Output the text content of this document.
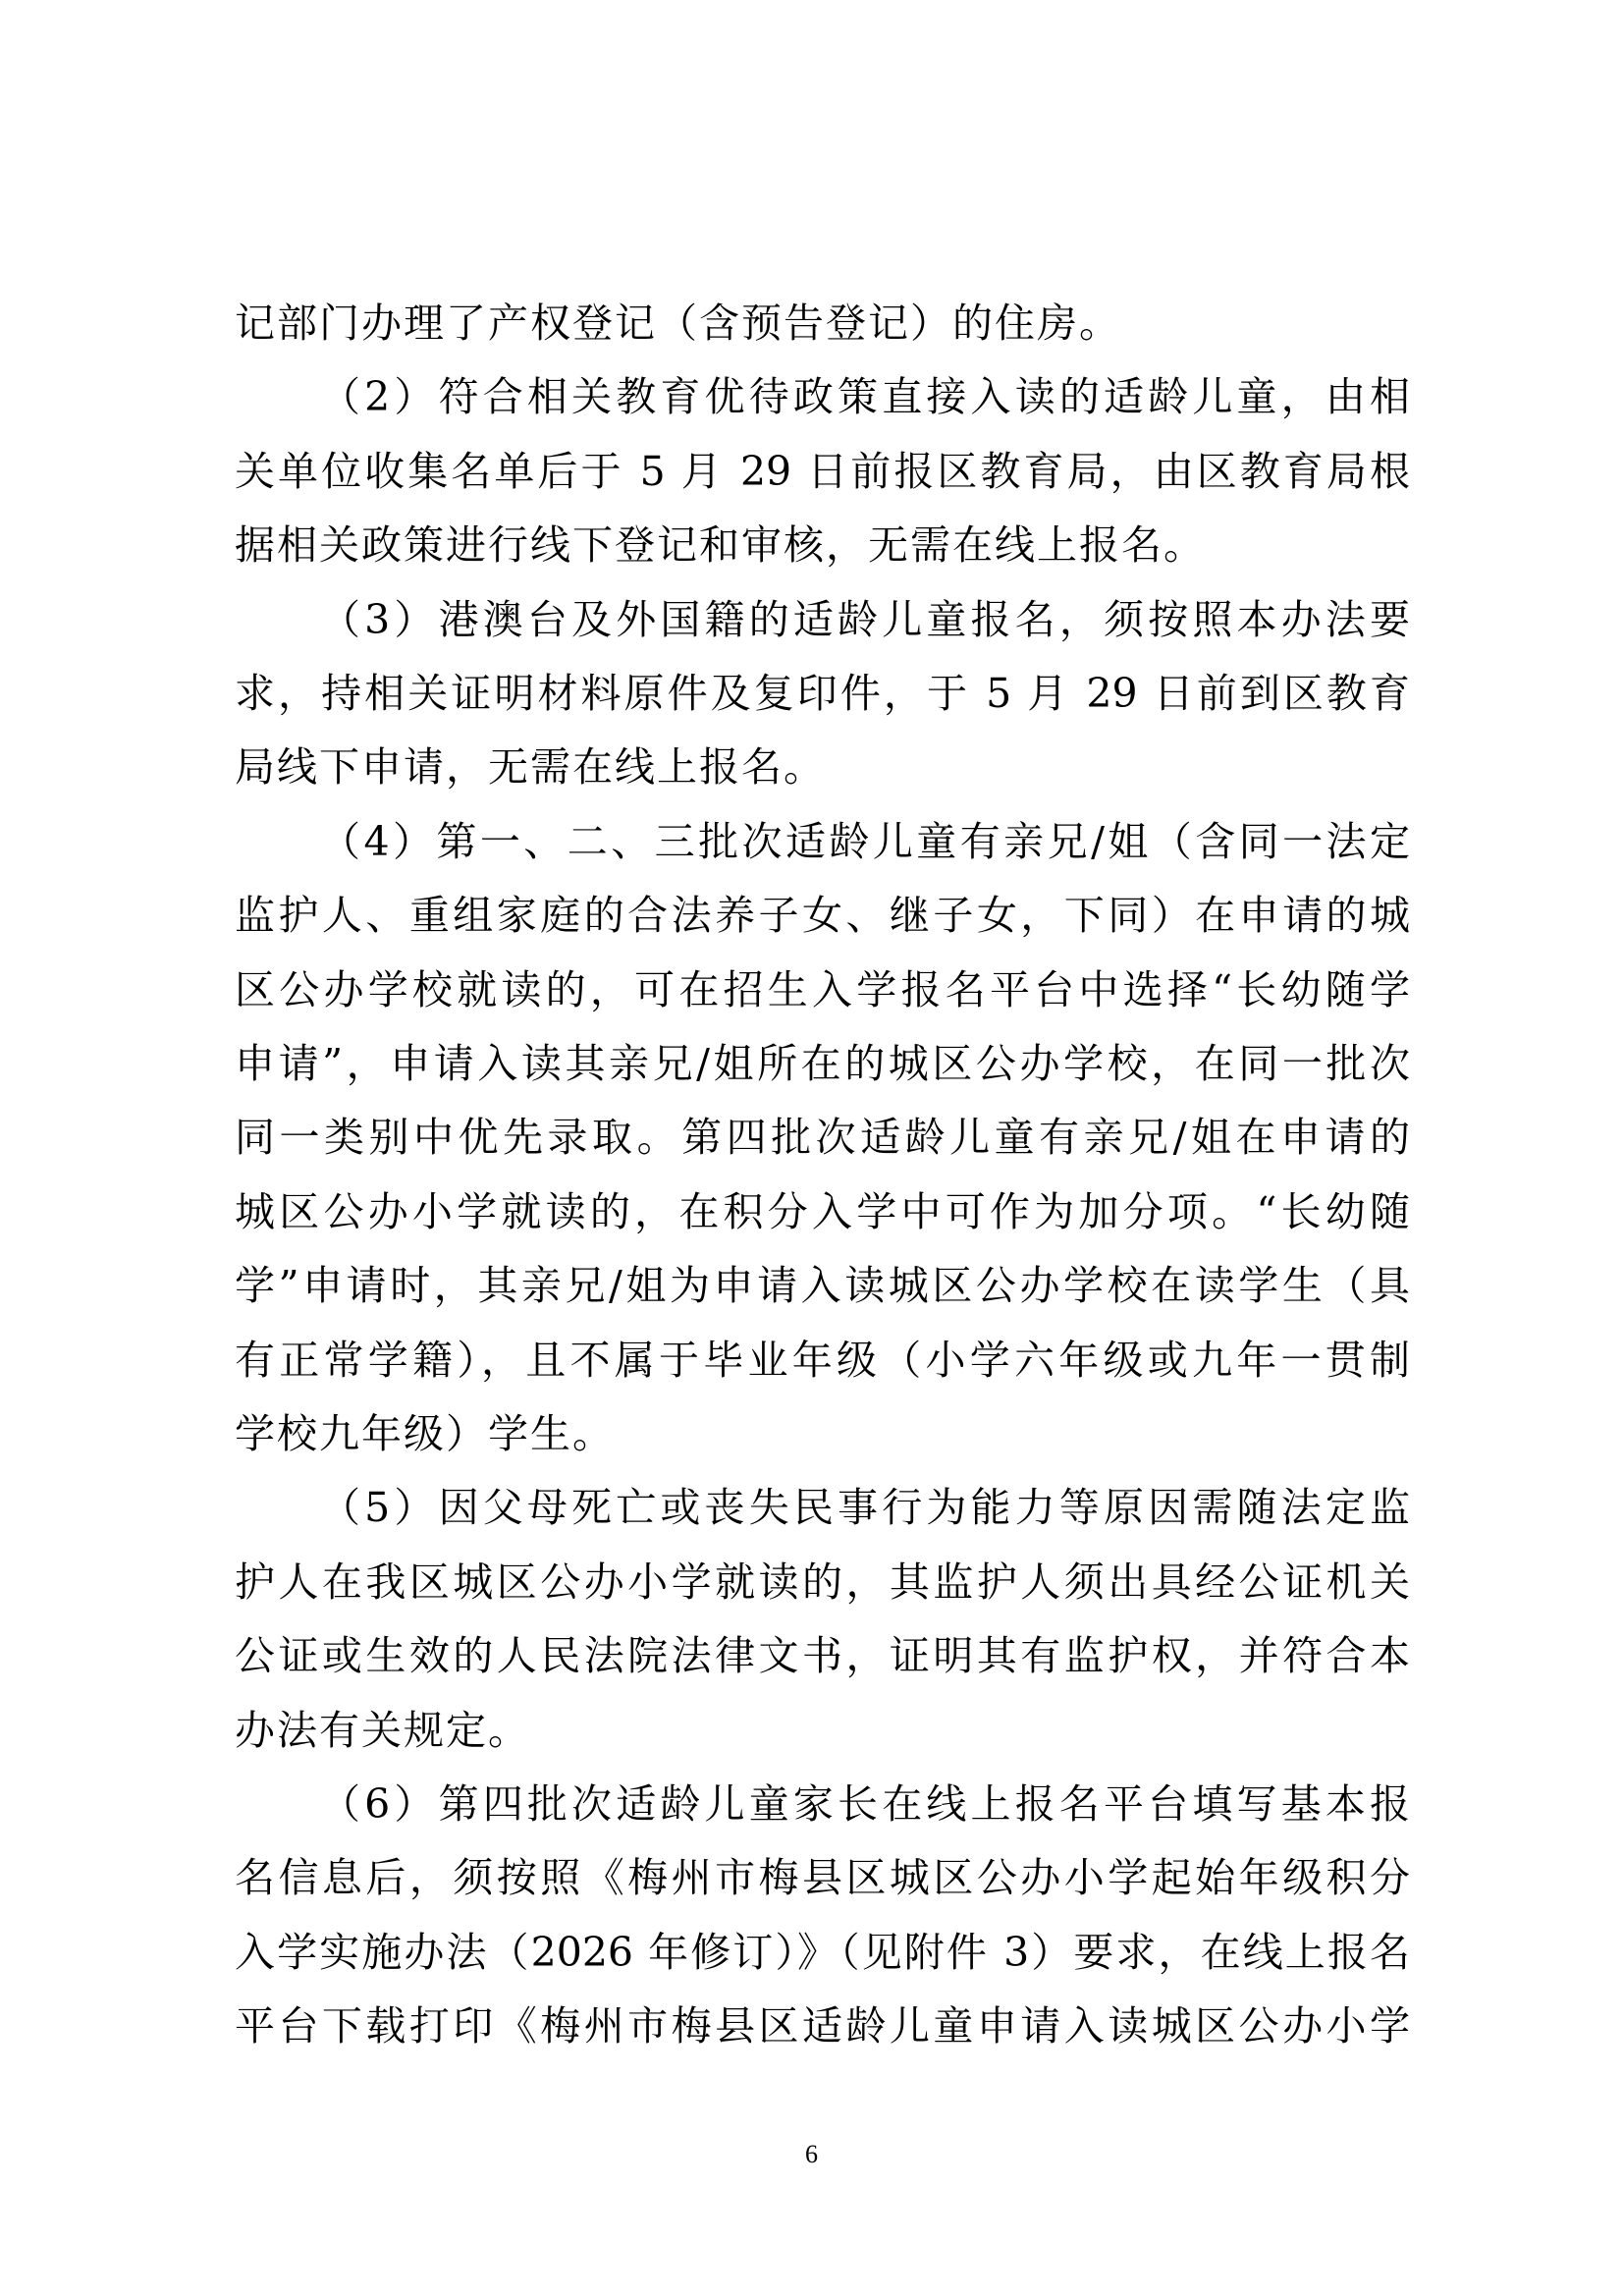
记部门办理了产权登记（含预告登记）的住房。
（2）符合相关教育优待政策直接入读的适龄儿童，由相
关单位收集名单后于 5 月 29 日前报区教育局，由区教育局根
据相关政策进行线下登记和审核，无需在线上报名。
（3）港澳台及外国籍的适龄儿童报名，须按照本办法要
求，持相关证明材料原件及复印件，于 5 月 29 日前到区教育
局线下申请，无需在线上报名。
（4）第一、二、三批次适龄儿童有亲兄/姐（含同一法定
监护人、重组家庭的合法养子女、继子女，下同）在申请的城
区公办学校就读的，可在招生入学报名平台中选择“长幼随学
申请”，申请入读其亲兄/姐所在的城区公办学校，在同一批次
同一类别中优先录取。第四批次适龄儿童有亲兄/姐在申请的
城区公办小学就读的，在积分入学中可作为加分项。“长幼随
学”申请时，其亲兄/姐为申请入读城区公办学校在读学生（具
有正常学籍），且不属于毕业年级（小学六年级或九年一贯制
学校九年级）学生。
（5）因父母死亡或丧失民事行为能力等原因需随法定监
护人在我区城区公办小学就读的，其监护人须出具经公证机关
公证或生效的人民法院法律文书，证明其有监护权，并符合本
办法有关规定。
（6）第四批次适龄儿童家长在线上报名平台填写基本报
名信息后，须按照《梅州市梅县区城区公办小学起始年级积分
入学实施办法（2026 年修订）》（见附件 3）要求，在线上报名
平台下载打印《梅州市梅县区适龄儿童申请入读城区公办小学
6
